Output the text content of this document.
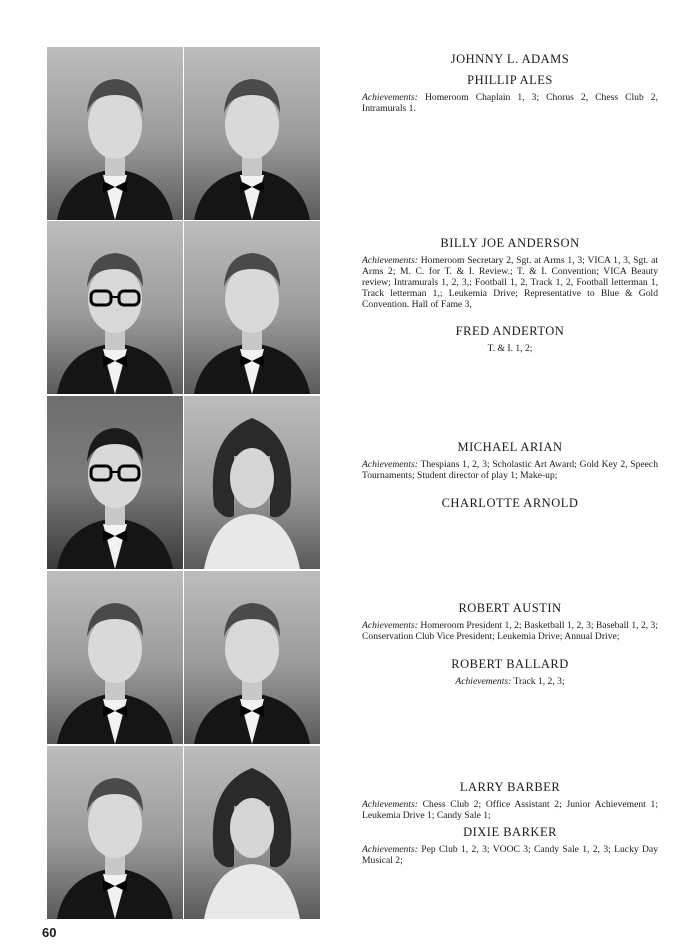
JOHNNY L. ADAMS

PHILLIP ALES

Achievements: Homeroom Chaplain 1, 3; Chorus 2, Chess Club 2, Intramurals 1.

BILLY JOE ANDERSON

Achievements: Homeroom Secretary 2, Sgt. at Arms 1, 3; VICA 1, 3, Sgt. at Arms 2; M. C. for T. & I. Review.; T. & I. Convention; VICA Beauty review; Intramurals 1, 2, 3,; Football 1, 2, Track 1, 2, Football letterman 1, Track letterman 1,; Leukemia Drive; Representative to Blue & Gold Convention. Hall of Fame 3,

FRED ANDERTON

T. & I. 1, 2;

MICHAEL ARIAN

Achievements: Thespians 1, 2, 3; Scholastic Art Award; Gold Key 2, Speech Tournaments; Student director of play 1; Make-up;

CHARLOTTE ARNOLD

ROBERT AUSTIN

Achievements: Homeroom President 1, 2; Basketball 1, 2, 3; Baseball 1, 2, 3; Conservation Club Vice President; Leukemia Drive; Annual Drive;

ROBERT BALLARD

Achievements: Track 1, 2, 3;

LARRY BARBER

Achievements: Chess Club 2; Office Assistant 2; Junior Achievement 1; Leukemia Drive 1; Candy Sale 1;

DIXIE BARKER

Achievements: Pep Club 1, 2, 3; VOOC 3; Candy Sale 1, 2, 3; Lucky Day Musical 2;

60
